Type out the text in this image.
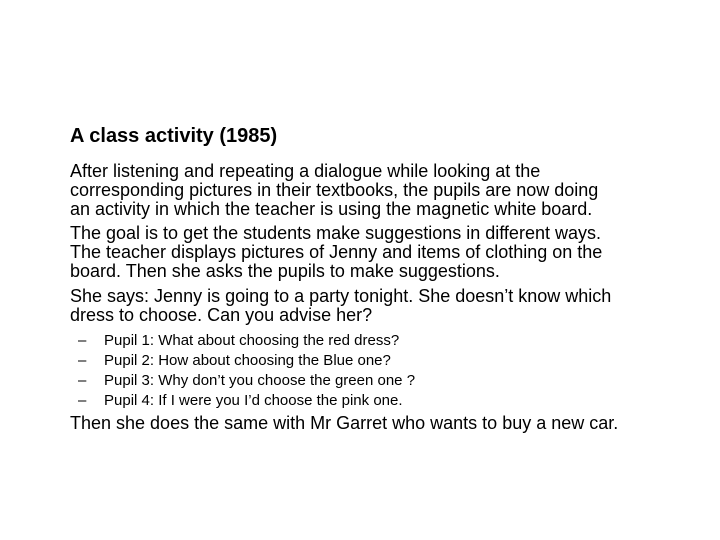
A class activity (1985)
After listening and repeating a dialogue while looking at the
corresponding pictures in their textbooks, the pupils are now doing
an activity in which the teacher is using the magnetic white board.
The goal is to get the students make suggestions in different ways.
The teacher displays pictures of Jenny and items of clothing on the
board. Then she asks the pupils to make suggestions.
She says: Jenny is going to a party tonight. She doesn’t know which
dress to choose. Can you advise her?
– Pupil 1: What about choosing the red dress?
– Pupil 2: How about choosing the Blue one?
– Pupil 3: Why don’t you choose the green one ?
– Pupil 4: If I were you I’d choose the pink one.
Then she does the same with Mr Garret who wants to buy a new car.
